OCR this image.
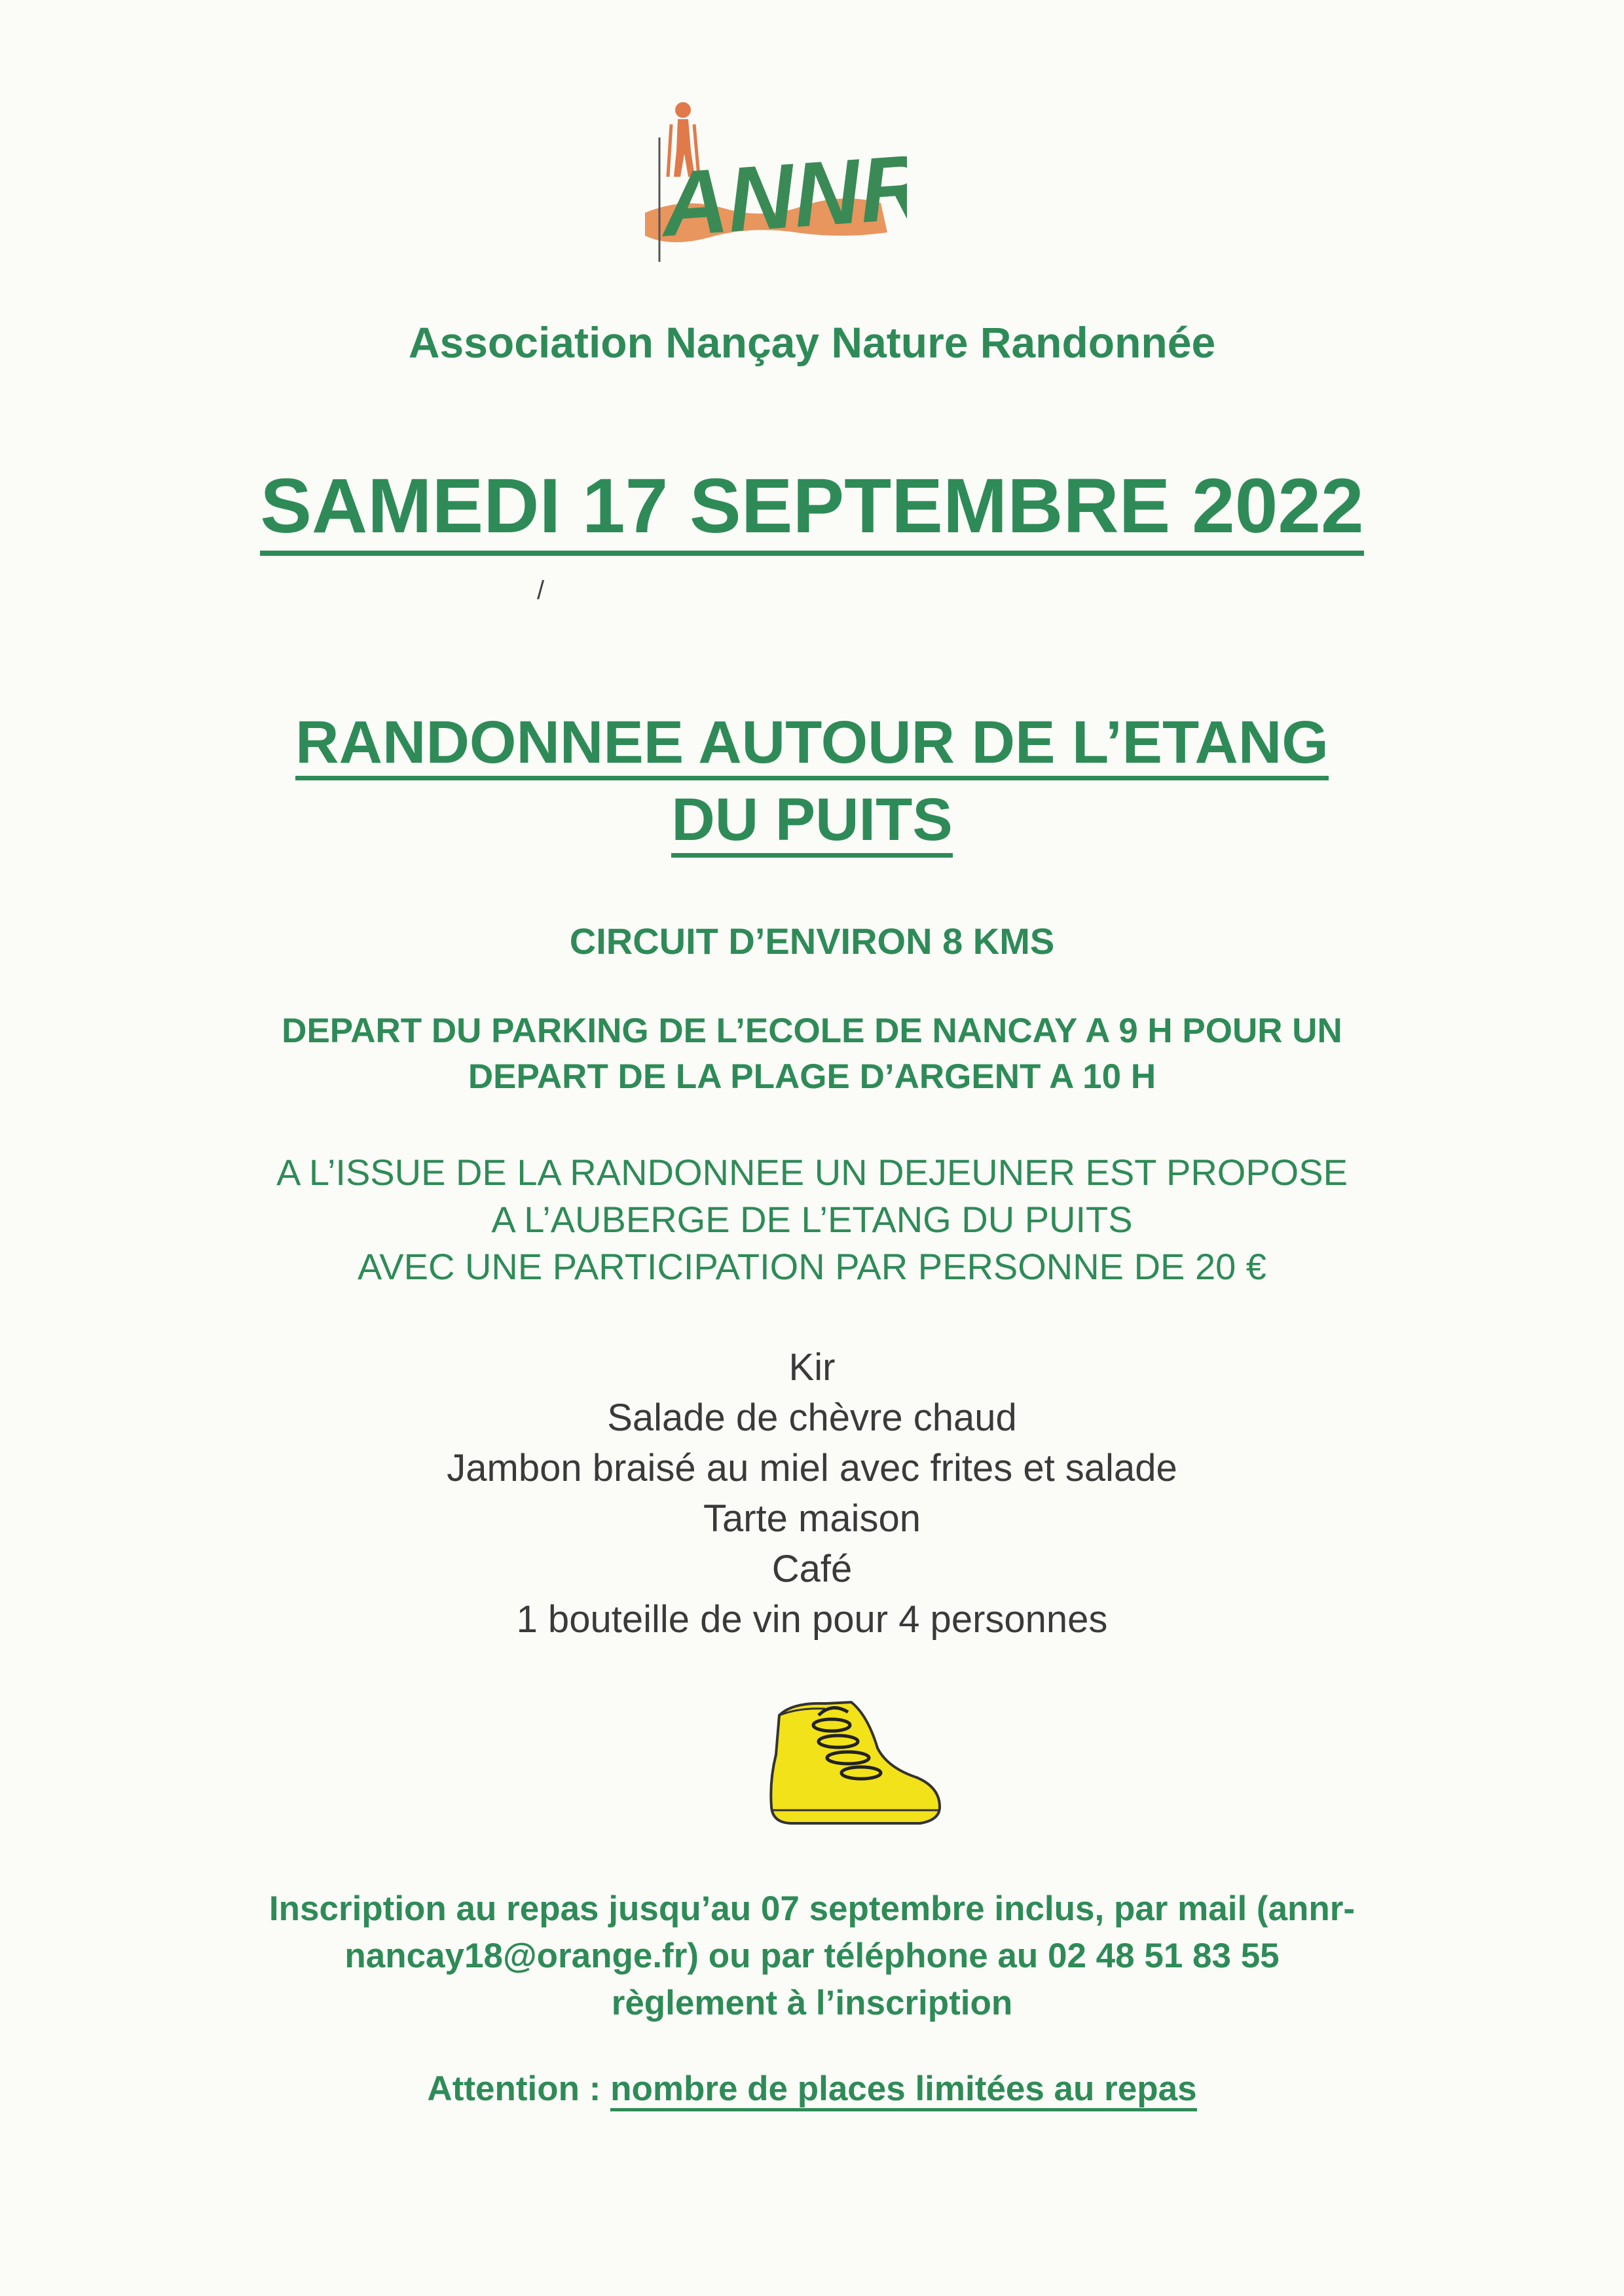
ANNR
Association Nançay Nature Randonnée
SAMEDI 17 SEPTEMBRE 2022
/
RANDONNEE AUTOUR DE L’ETANG
DU PUITS
CIRCUIT D’ENVIRON 8 KMS
DEPART DU PARKING DE L’ECOLE DE NANCAY A 9 H POUR UN
DEPART DE LA PLAGE D’ARGENT A 10 H
A L’ISSUE DE LA RANDONNEE UN DEJEUNER EST PROPOSE
A L’AUBERGE DE L’ETANG DU PUITS
AVEC UNE PARTICIPATION PAR PERSONNE DE 20 €
Kir
Salade de chèvre chaud
Jambon braisé au miel avec frites et salade
Tarte maison
Café
1 bouteille de vin pour 4 personnes
Inscription au repas jusqu’au 07 septembre inclus, par mail (annr-
nancay18@orange.fr) ou par téléphone au 02 48 51 83 55
règlement à l’inscription
Attention : nombre de places limitées au repas
